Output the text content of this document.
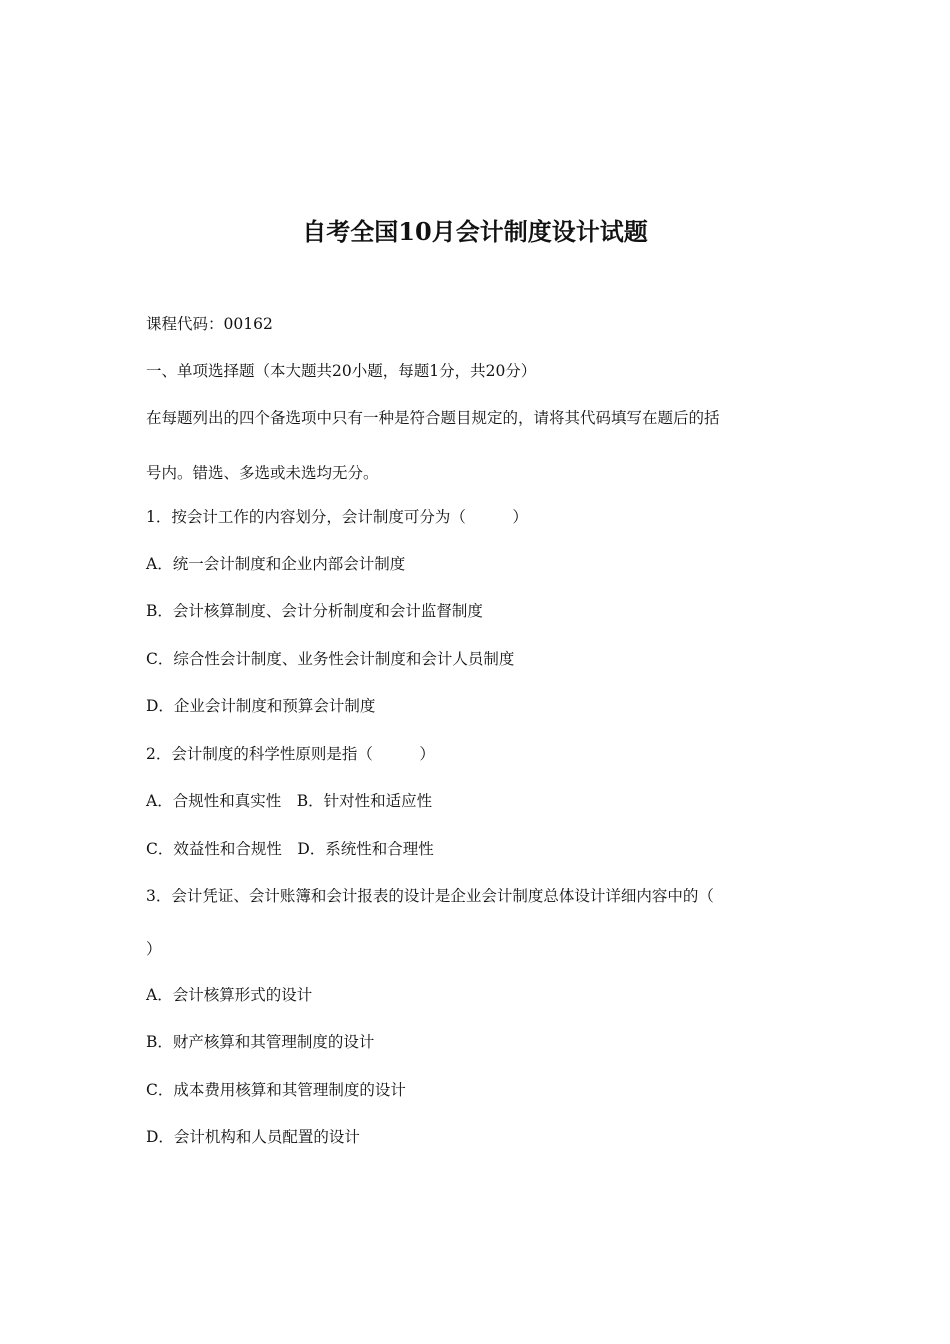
自考全国10月会计制度设计试题
课程代码：00162
一、单项选择题（本大题共20小题，每题1分，共20分）
在每题列出的四个备选项中只有一种是符合题目规定的，请将其代码填写在题后的括
号内。错选、多选或未选均无分。
1．按会计工作的内容划分，会计制度可分为（　　　）
A．统一会计制度和企业内部会计制度
B．会计核算制度、会计分析制度和会计监督制度
C．综合性会计制度、业务性会计制度和会计人员制度
D．企业会计制度和预算会计制度
2．会计制度的科学性原则是指（　　　）
A．合规性和真实性　B．针对性和适应性
C．效益性和合规性　D．系统性和合理性
3．会计凭证、会计账簿和会计报表的设计是企业会计制度总体设计详细内容中的（
）
A．会计核算形式的设计
B．财产核算和其管理制度的设计
C．成本费用核算和其管理制度的设计
D．会计机构和人员配置的设计
